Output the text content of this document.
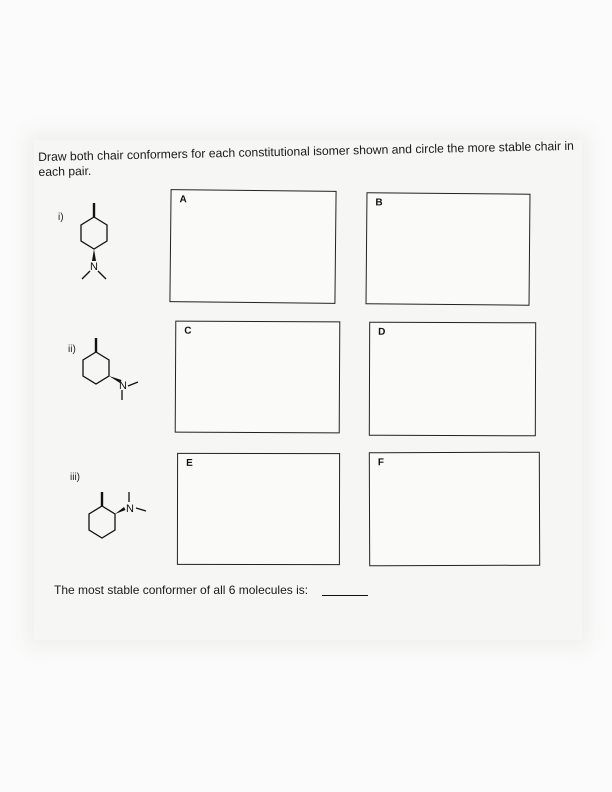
Draw both chair conformers for each constitutional isomer shown and circle the more stable chair in each pair.
i)
N
ii)
N
iii)
N
A	B
C	D
E	F
The most stable conformer of all 6 molecules is:
